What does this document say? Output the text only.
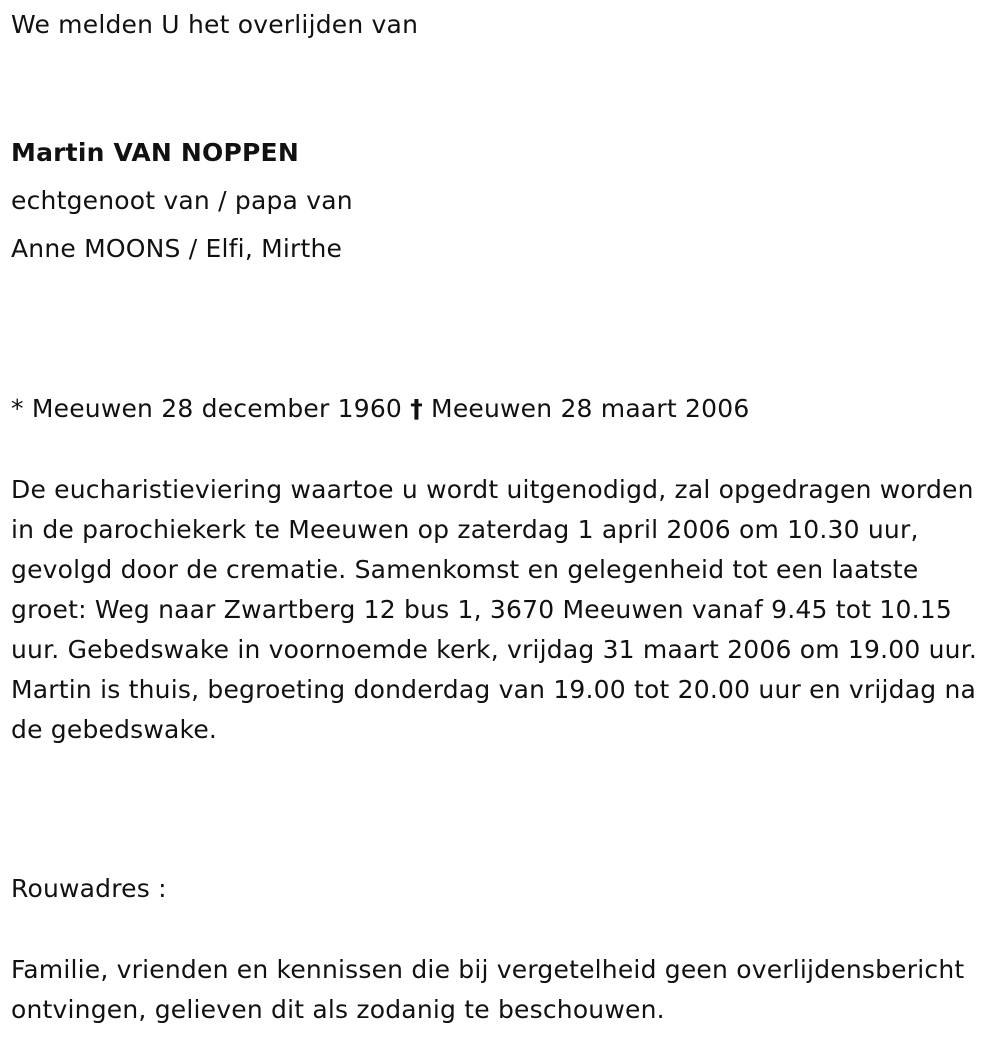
We melden U het overlijden van
Martin VAN NOPPEN
echtgenoot van / papa van
Anne MOONS / Elfi, Mirthe
* Meeuwen 28 december 1960 † Meeuwen 28 maart 2006

De eucharistieviering waartoe u wordt uitgenodigd, zal opgedragen worden in de parochiekerk te Meeuwen op zaterdag 1 april 2006 om 10.30 uur, gevolgd door de crematie. Samenkomst en gelegenheid tot een laatste groet: Weg naar Zwartberg 12 bus 1, 3670 Meeuwen vanaf 9.45 tot 10.15 uur. Gebedswake in voornoemde kerk, vrijdag 31 maart 2006 om 19.00 uur. Martin is thuis, begroeting donderdag van 19.00 tot 20.00 uur en vrijdag na de gebedswake.

Rouwadres :

Familie, vrienden en kennissen die bij vergetelheid geen overlijdensbericht ontvingen, gelieven dit als zodanig te beschouwen.
